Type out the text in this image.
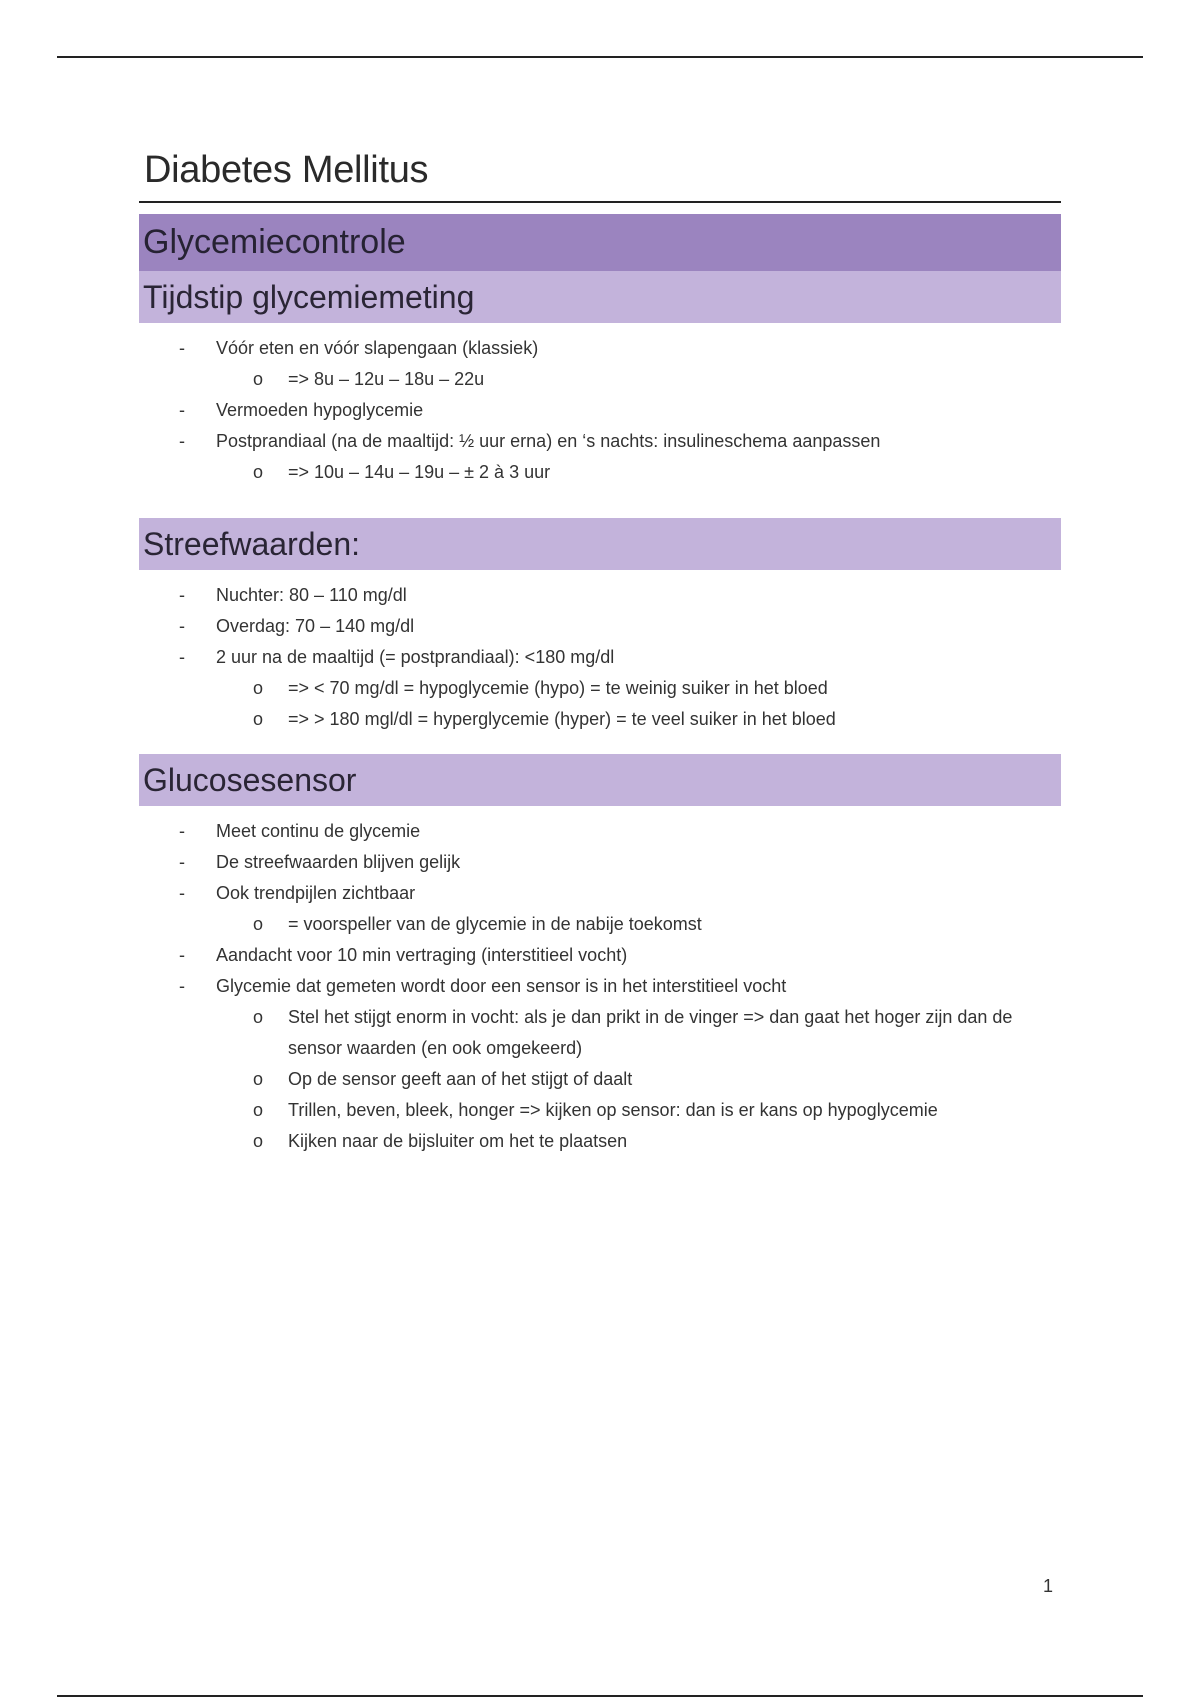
Diabetes Mellitus
Glycemiecontrole
Tijdstip glycemiemeting
- Vóór eten en vóór slapengaan (klassiek)
o => 8u – 12u – 18u – 22u
- Vermoeden hypoglycemie
- Postprandiaal (na de maaltijd: ½ uur erna) en ‘s nachts: insulineschema aanpassen
o => 10u – 14u – 19u – ± 2 à 3 uur
Streefwaarden:
- Nuchter: 80 – 110 mg/dl
- Overdag: 70 – 140 mg/dl
- 2 uur na de maaltijd (= postprandiaal): <180 mg/dl
o => < 70 mg/dl = hypoglycemie (hypo) = te weinig suiker in het bloed
o => > 180 mgl/dl = hyperglycemie (hyper) = te veel suiker in het bloed
Glucosesensor
- Meet continu de glycemie
- De streefwaarden blijven gelijk
- Ook trendpijlen zichtbaar
o = voorspeller van de glycemie in de nabije toekomst
- Aandacht voor 10 min vertraging (interstitieel vocht)
- Glycemie dat gemeten wordt door een sensor is in het interstitieel vocht
o Stel het stijgt enorm in vocht: als je dan prikt in de vinger => dan gaat het hoger zijn dan de sensor waarden (en ook omgekeerd)
o Op de sensor geeft aan of het stijgt of daalt
o Trillen, beven, bleek, honger => kijken op sensor: dan is er kans op hypoglycemie
o Kijken naar de bijsluiter om het te plaatsen
1
